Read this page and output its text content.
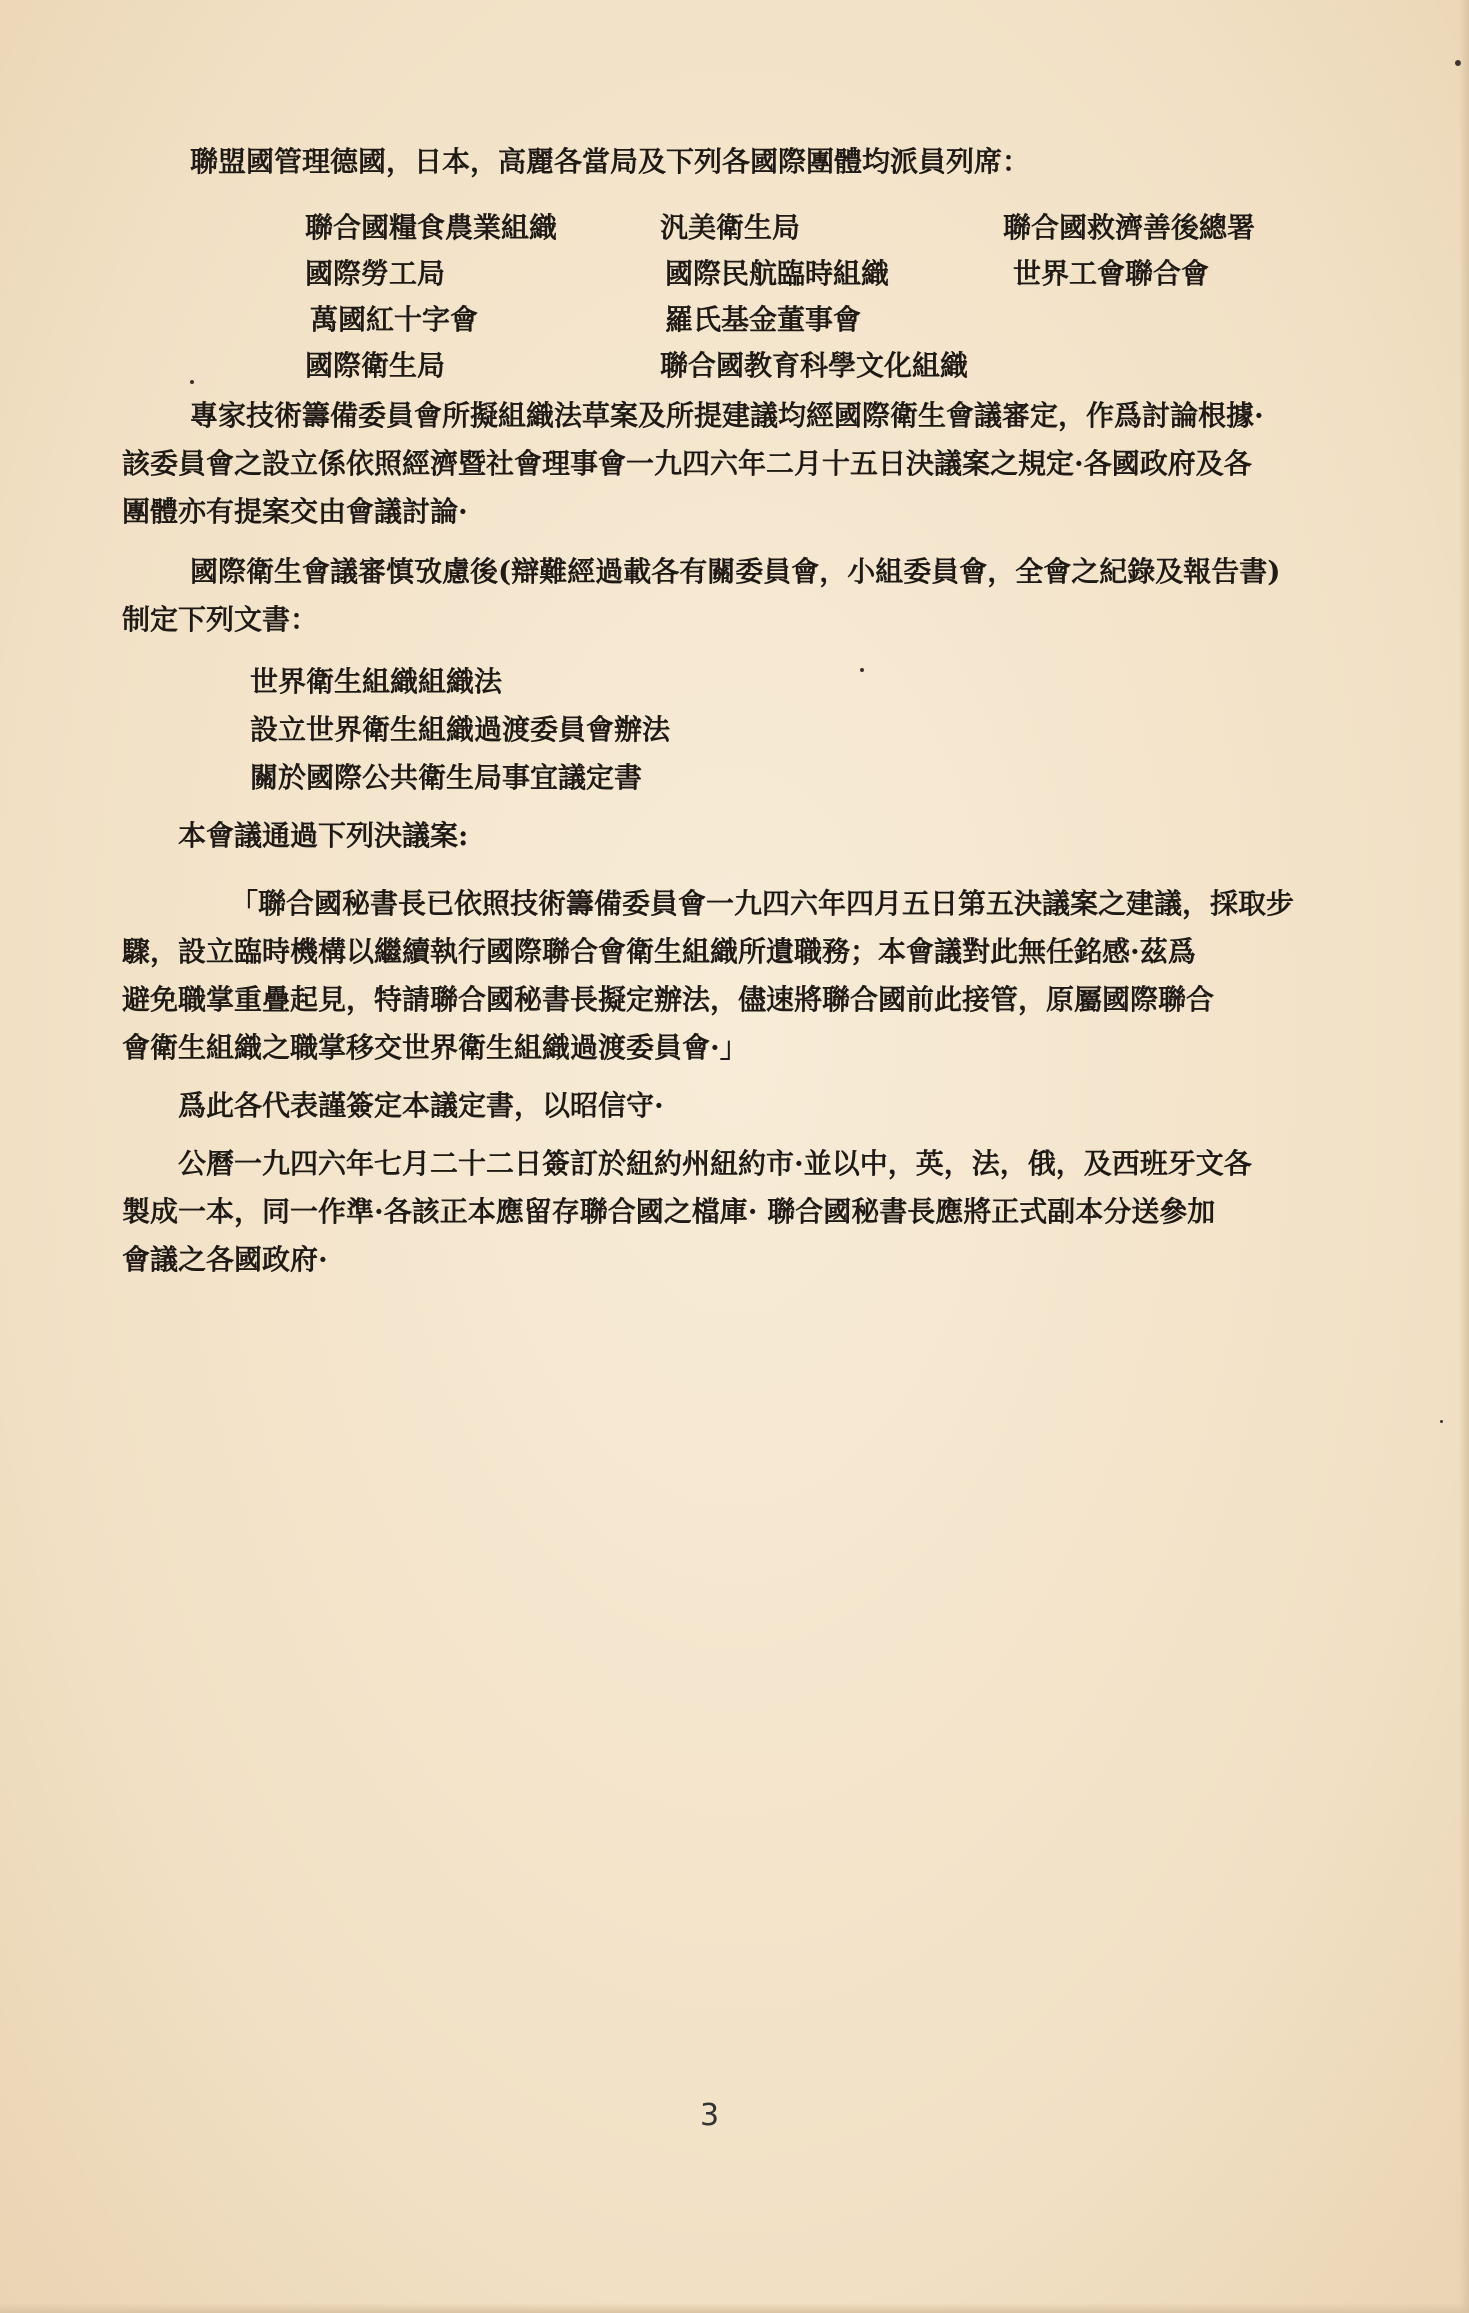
聯盟國管理德國，日本，高麗各當局及下列各國際團體均派員列席：
聯合國糧食農業組織	汎美衛生局	聯合國救濟善後總署
國際勞工局	國際民航臨時組織	世界工會聯合會
萬國紅十字會	羅氏基金董事會
國際衛生局	聯合國教育科學文化組織
專家技術籌備委員會所擬組織法草案及所提建議均經國際衛生會議審定，作爲討論根據·
該委員會之設立係依照經濟暨社會理事會一九四六年二月十五日決議案之規定·各國政府及各
團體亦有提案交由會議討論·
國際衛生會議審慎攷慮後(辯難經過載各有關委員會，小組委員會，全會之紀錄及報告書)
制定下列文書：
世界衛生組織組織法
設立世界衛生組織過渡委員會辦法
關於國際公共衛生局事宜議定書
本會議通過下列決議案:
「聯合國秘書長已依照技術籌備委員會一九四六年四月五日第五決議案之建議，採取步
驟，設立臨時機構以繼續執行國際聯合會衛生組織所遺職務；本會議對此無任銘感·茲爲
避免職掌重疊起見，特請聯合國秘書長擬定辦法，儘速將聯合國前此接管，原屬國際聯合
會衛生組織之職掌移交世界衛生組織過渡委員會·」
爲此各代表謹簽定本議定書，以昭信守·
公曆一九四六年七月二十二日簽訂於紐約州紐約市·並以中，英，法，俄，及西班牙文各
製成一本，同一作準·各該正本應留存聯合國之檔庫· 聯合國秘書長應將正式副本分送參加
會議之各國政府·
3
